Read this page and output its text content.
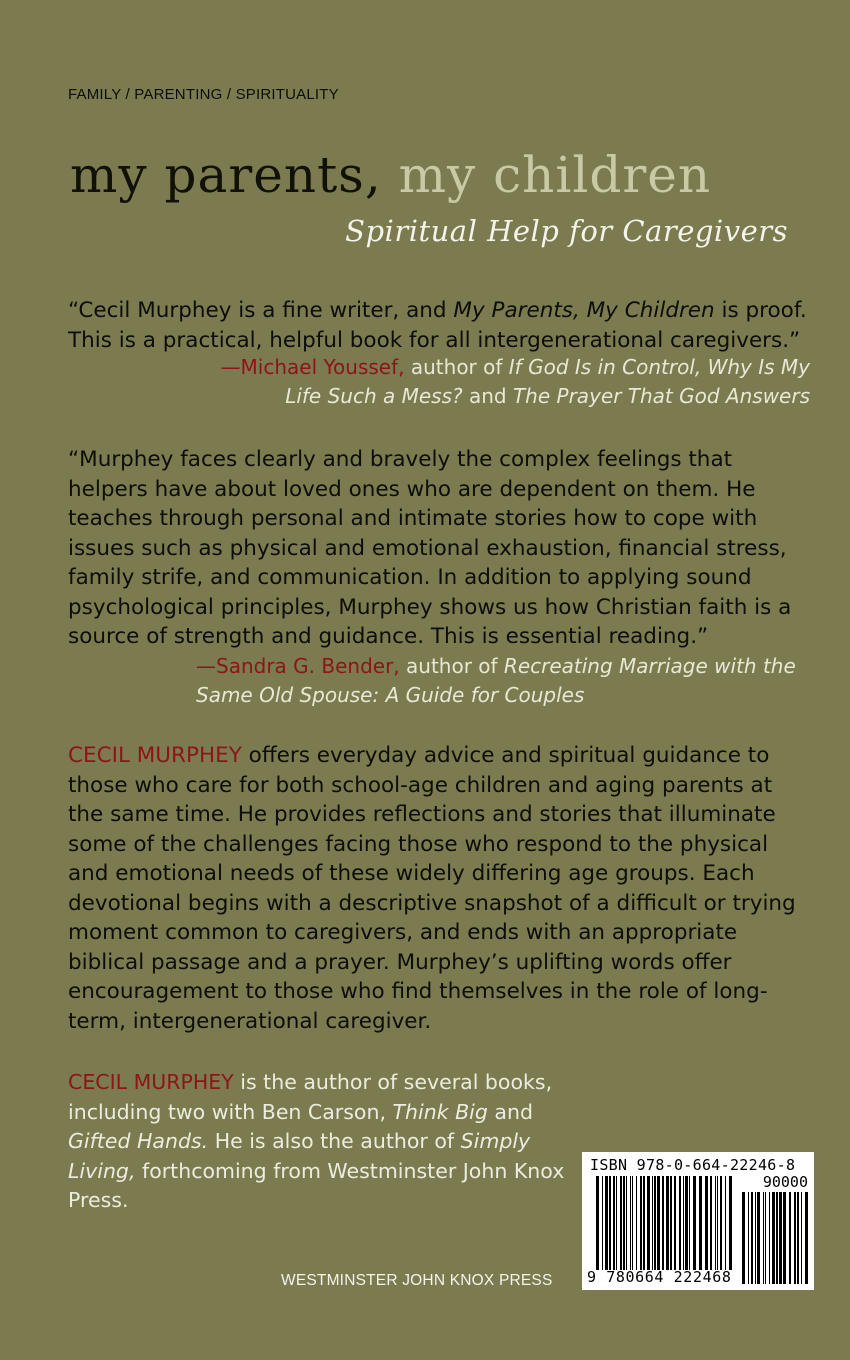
FAMILY / PARENTING / SPIRITUALITY
my parents, my children
Spiritual Help for Caregivers
“Cecil Murphey is a fine writer, and My Parents, My Children is proof. This is a practical, helpful book for all intergenerational caregivers.”
—Michael Youssef, author of If God Is in Control, Why Is My Life Such a Mess? and The Prayer That God Answers
“Murphey faces clearly and bravely the complex feelings that helpers have about loved ones who are dependent on them. He teaches through personal and intimate stories how to cope with issues such as physical and emotional exhaustion, financial stress, family strife, and communication. In addition to applying sound psychological principles, Murphey shows us how Christian faith is a source of strength and guidance. This is essential reading.”
—Sandra G. Bender, author of Recreating Marriage with the Same Old Spouse: A Guide for Couples
CECIL MURPHEY offers everyday advice and spiritual guidance to those who care for both school-age children and aging parents at the same time. He provides reflections and stories that illuminate some of the challenges facing those who respond to the physical and emotional needs of these widely differing age groups. Each devotional begins with a descriptive snapshot of a difficult or trying moment common to caregivers, and ends with an appropriate biblical passage and a prayer. Murphey’s uplifting words offer encouragement to those who find themselves in the role of long-term, intergenerational caregiver.
CECIL MURPHEY is the author of several books, including two with Ben Carson, Think Big and Gifted Hands. He is also the author of Simply Living, forthcoming from Westminster John Knox Press.
WESTMINSTER JOHN KNOX PRESS
ISBN 978-0-664-22246-8
90000
9 780664 222468
